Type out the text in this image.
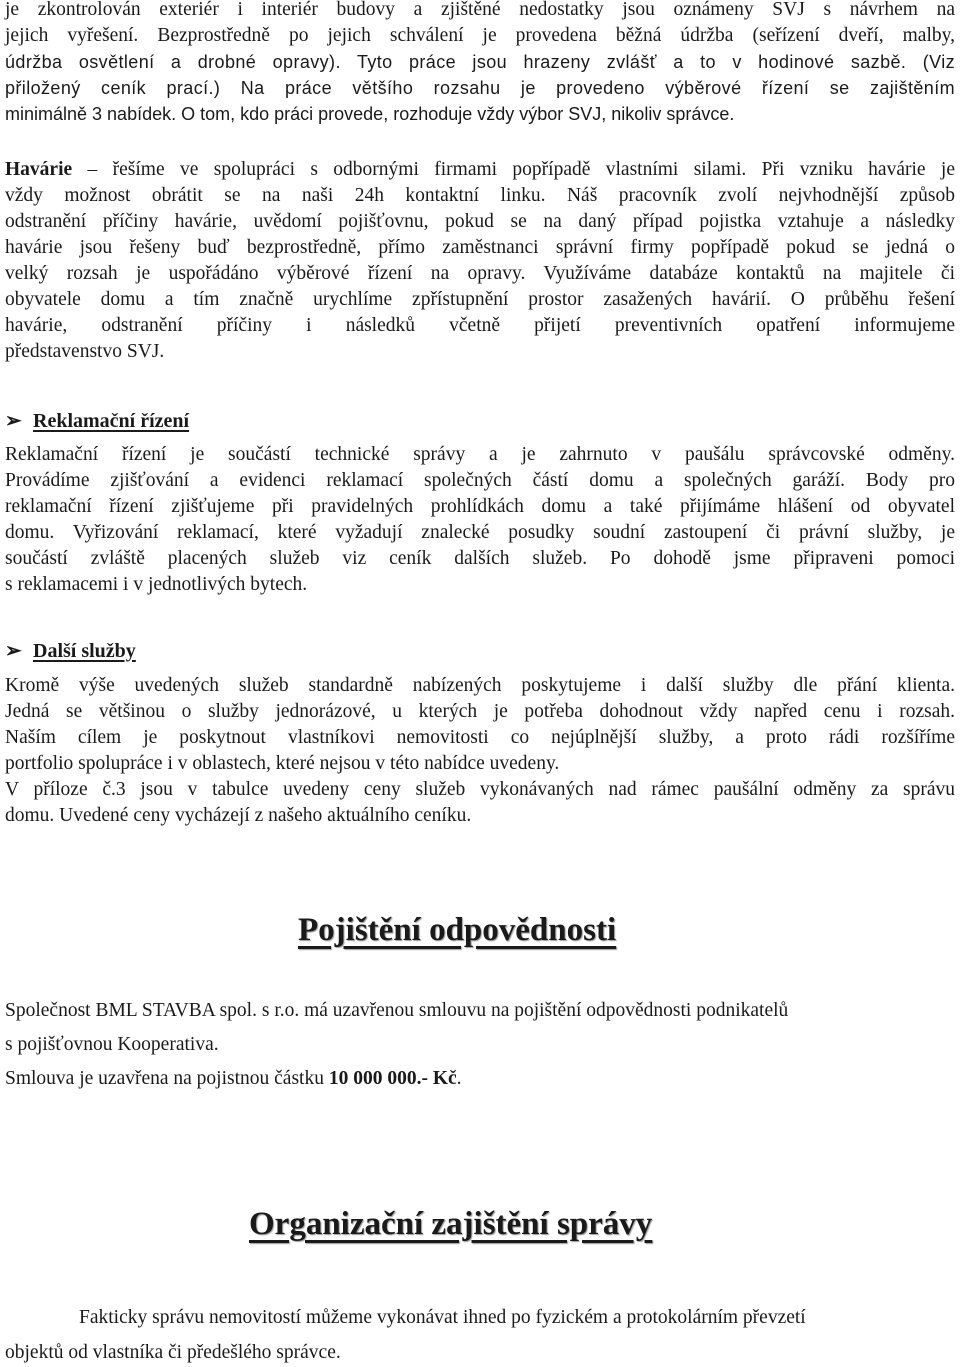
je zkontrolován exteriér i interiér budovy a zjištěné nedostatky jsou oznámeny SVJ s návrhem na
jejich vyřešení. Bezprostředně po jejich schválení je provedena běžná údržba (seřízení dveří, malby,
údržba osvětlení a drobné opravy). Tyto práce jsou hrazeny zvlášť a to v hodinové sazbě. (Viz
přiložený ceník prací.) Na práce většího rozsahu je provedeno výběrové řízení se zajištěním
minimálně 3 nabídek. O tom, kdo práci provede, rozhoduje vždy výbor SVJ, nikoliv správce.
Havárie – řešíme ve spolupráci s odbornými firmami popřípadě vlastními silami. Při vzniku havárie je
vždy možnost obrátit se na naši 24h kontaktní linku. Náš pracovník zvolí nejvhodnější způsob
odstranění příčiny havárie, uvědomí pojišťovnu, pokud se na daný případ pojistka vztahuje a následky
havárie jsou řešeny buď bezprostředně, přímo zaměstnanci správní firmy popřípadě pokud se jedná o
velký rozsah je uspořádáno výběrové řízení na opravy. Využíváme databáze kontaktů na majitele či
obyvatele domu a tím značně urychlíme zpřístupnění prostor zasažených havárií. O průběhu řešení
havárie, odstranění příčiny i následků včetně přijetí preventivních opatření informujeme
představenstvo SVJ.
➢ Reklamační řízení
Reklamační řízení je součástí technické správy a je zahrnuto v paušálu správcovské odměny.
Provádíme zjišťování a evidenci reklamací společných částí domu a společných garáží. Body pro
reklamační řízení zjišťujeme při pravidelných prohlídkách domu a také přijímáme hlášení od obyvatel
domu. Vyřizování reklamací, které vyžadují znalecké posudky soudní zastoupení či právní služby, je
součástí zvláště placených služeb viz ceník dalších služeb. Po dohodě jsme připraveni pomoci
s reklamacemi i v jednotlivých bytech.
➢ Další služby
Kromě výše uvedených služeb standardně nabízených poskytujeme i další služby dle přání klienta.
Jedná se většinou o služby jednorázové, u kterých je potřeba dohodnout vždy napřed cenu i rozsah.
Naším cílem je poskytnout vlastníkovi nemovitosti co nejúplnější služby, a proto rádi rozšíříme
portfolio spolupráce i v oblastech, které nejsou v této nabídce uvedeny.
V příloze č.3 jsou v tabulce uvedeny ceny služeb vykonávaných nad rámec paušální odměny za správu
domu. Uvedené ceny vycházejí z našeho aktuálního ceníku.
Pojištění odpovědnosti
Společnost BML STAVBA spol. s r.o. má uzavřenou smlouvu na pojištění odpovědnosti podnikatelů
s pojišťovnou Kooperativa.
Smlouva je uzavřena na pojistnou částku 10 000 000.- Kč.
Organizační zajištění správy
Fakticky správu nemovitostí můžeme vykonávat ihned po fyzickém a protokolárním převzetí
objektů od vlastníka či předešlého správce.
